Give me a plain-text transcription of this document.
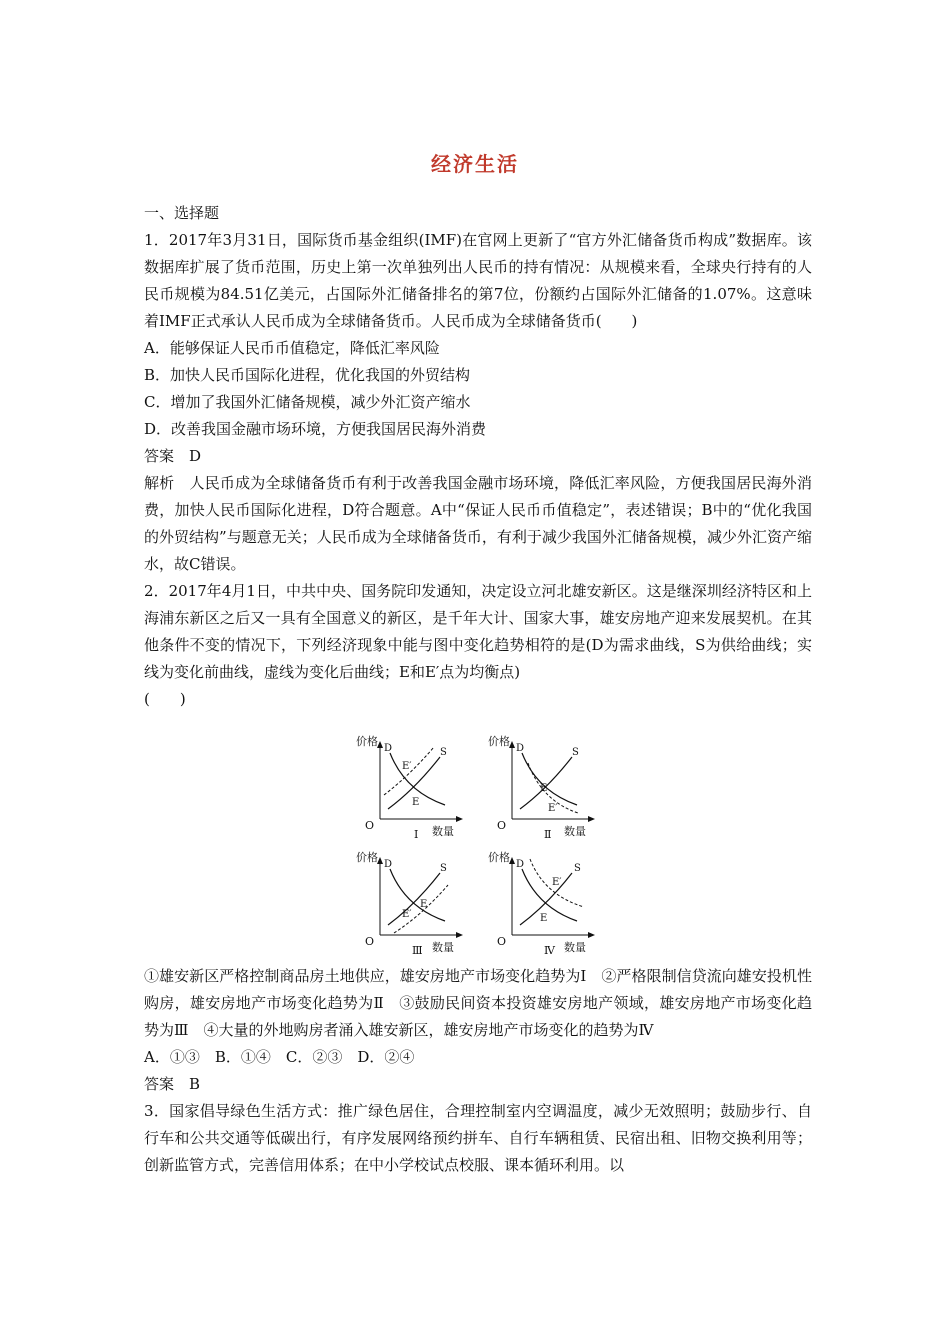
经济生活

一、选择题

1．2017年3月31日，国际货币基金组织(IMF)在官网上更新了“官方外汇储备货币构成”数据库。该数据库扩展了货币范围，历史上第一次单独列出人民币的持有情况：从规模来看，全球央行持有的人民币规模为84.51亿美元，占国际外汇储备排名的第7位，份额约占国际外汇储备的1.07%。这意味着IMF正式承认人民币成为全球储备货币。人民币成为全球储备货币(　　)

A．能够保证人民币币值稳定，降低汇率风险

B．加快人民币国际化进程，优化我国的外贸结构

C．增加了我国外汇储备规模，减少外汇资产缩水

D．改善我国金融市场环境，方便我国居民海外消费

答案　D

解析　人民币成为全球储备货币有利于改善我国金融市场环境，降低汇率风险，方便我国居民海外消费，加快人民币国际化进程，D符合题意。A中“保证人民币币值稳定”，表述错误；B中的“优化我国的外贸结构”与题意无关；人民币成为全球储备货币，有利于减少我国外汇储备规模，减少外汇资产缩水，故C错误。

2．2017年4月1日，中共中央、国务院印发通知，决定设立河北雄安新区。这是继深圳经济特区和上海浦东新区之后又一具有全国意义的新区，是千年大计、国家大事，雄安房地产迎来发展契机。在其他条件不变的情况下，下列经济现象中能与图中变化趋势相符的是(D为需求曲线，S为供给曲线；实线为变化前曲线，虚线为变化后曲线；E和E′点为均衡点)

(　　)

价格
O	数量
D	S
E′
E
Ⅰ
价格
O	数量
D	S
E
E′
Ⅱ
价格
O	数量
D	S
E
E′
Ⅲ
价格
O	数量
D	S
E′
E
Ⅳ

①雄安新区严格控制商品房土地供应，雄安房地产市场变化趋势为Ⅰ　②严格限制信贷流向雄安投机性购房，雄安房地产市场变化趋势为Ⅱ　③鼓励民间资本投资雄安房地产领域，雄安房地产市场变化趋势为Ⅲ　④大量的外地购房者涌入雄安新区，雄安房地产市场变化的趋势为Ⅳ

A．①③　B．①④　C．②③　D．②④

答案　B

3．国家倡导绿色生活方式：推广绿色居住，合理控制室内空调温度，减少无效照明；鼓励步行、自行车和公共交通等低碳出行，有序发展网络预约拼车、自行车辆租赁、民宿出租、旧物交换利用等；创新监管方式，完善信用体系；在中小学校试点校服、课本循环利用。以
